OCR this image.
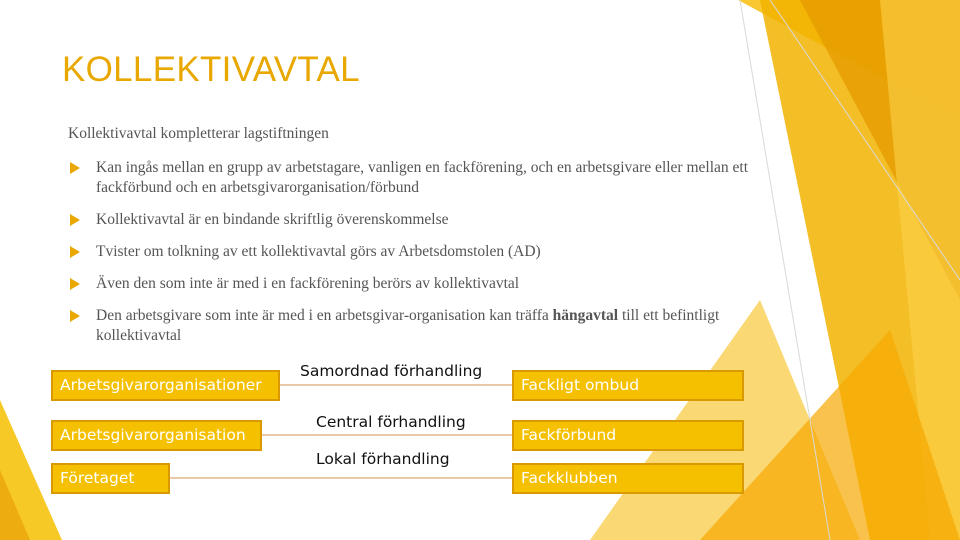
KOLLEKTIVAVTAL
Kollektivavtal kompletterar lagstiftningen
Kan ingås mellan en grupp av arbetstagare, vanligen en fackförening, och en arbetsgivare eller mellan ett fackförbund och en arbetsgivarorganisation/förbund
Kollektivavtal är en bindande skriftlig överenskommelse
Tvister om tolkning av ett kollektivavtal görs av Arbetsdomstolen (AD)
Även den som inte är med i en fackförening berörs av kollektivavtal
Den arbetsgivare som inte är med i en arbetsgivar-organisation kan träffa hängavtal till ett befintligt kollektivavtal
Arbetsgivarorganisationer
Arbetsgivarorganisation
Företaget
Fackligt ombud
Fackförbund
Fackklubben
Samordnad förhandling
Central förhandling
Lokal förhandling
